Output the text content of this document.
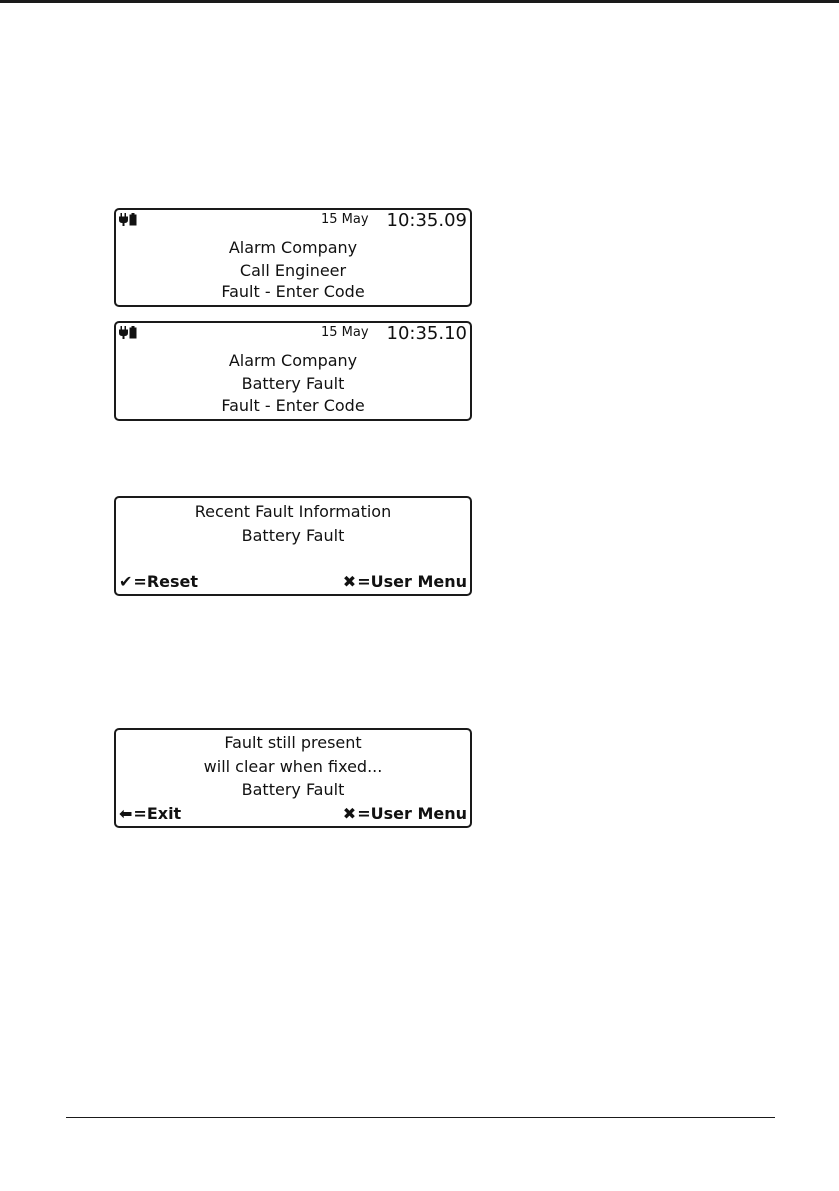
15 May 10:35.09
Alarm Company
Call Engineer
Fault - Enter Code
15 May 10:35.10
Alarm Company
Battery Fault
Fault - Enter Code
Recent Fault Information
Battery Fault
✔ =Reset	✖ =User Menu
Fault still present
will clear when fixed...
Battery Fault
⬅ =Exit	✖ =User Menu
